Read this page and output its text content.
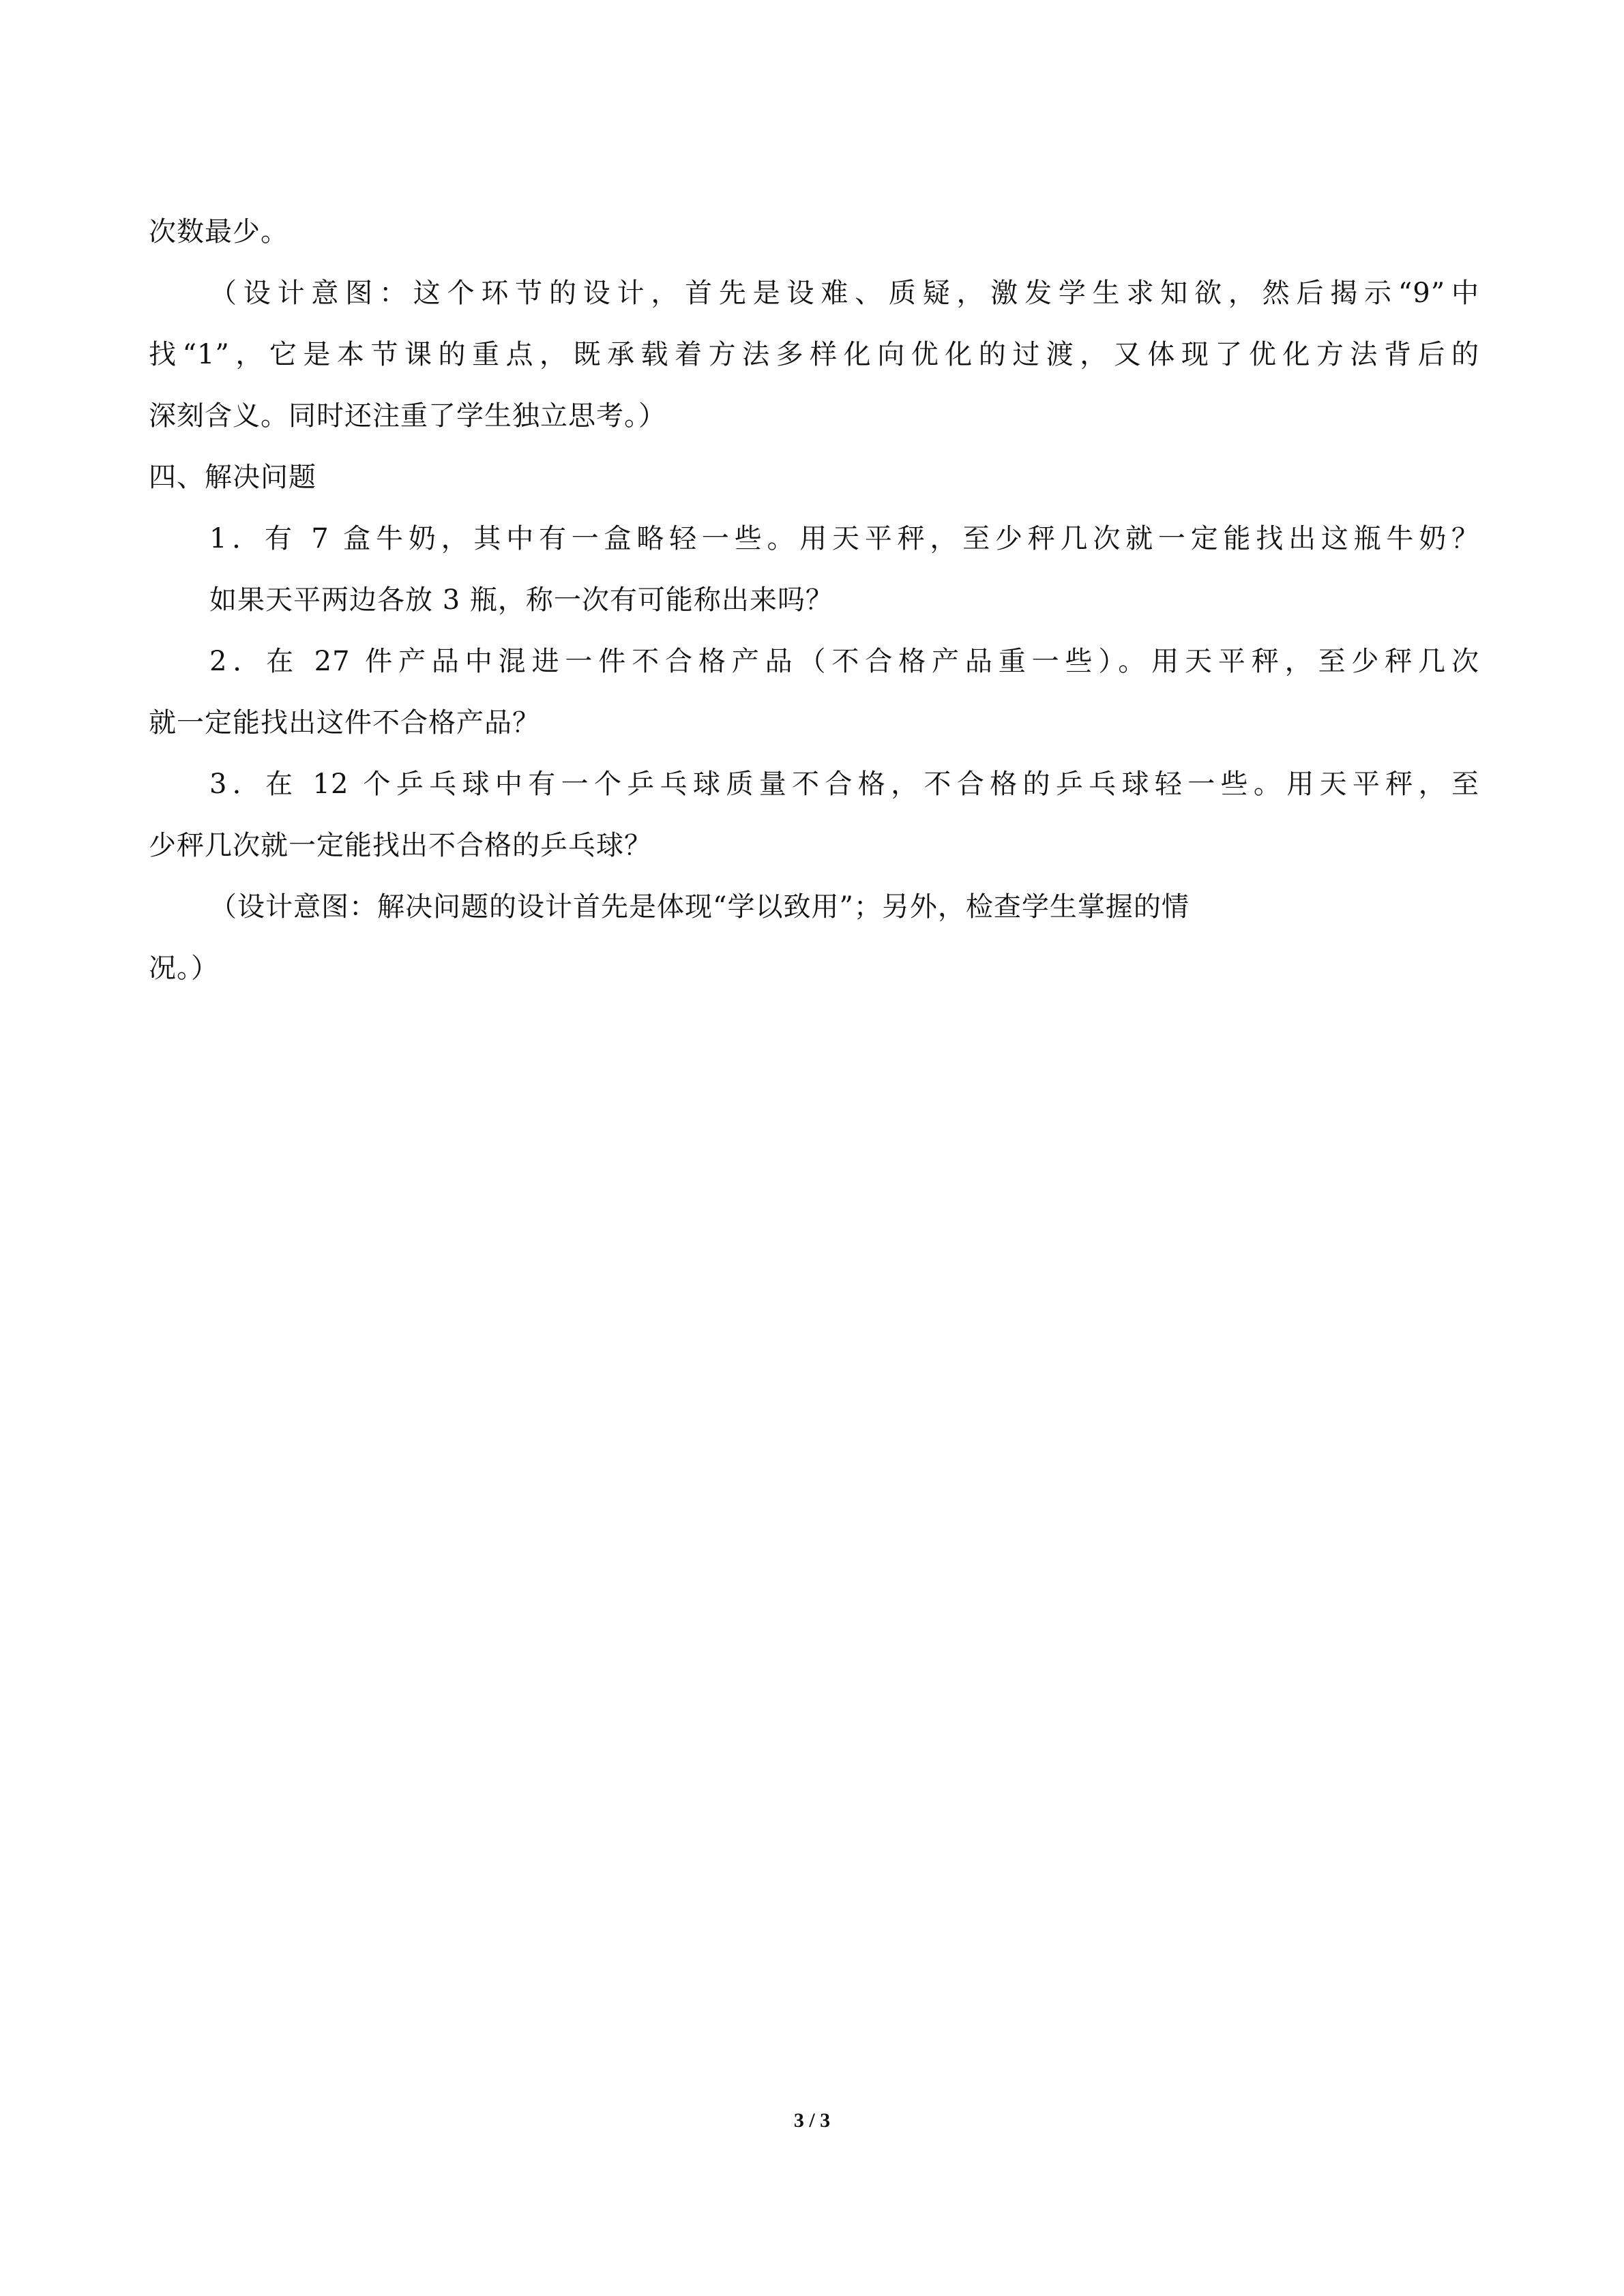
次数最少。
（设计意图：这个环节的设计，首先是设难、质疑，激发学生求知欲，然后揭示“9”中
找“1”，它是本节课的重点，既承载着方法多样化向优化的过渡，又体现了优化方法背后的
深刻含义。同时还注重了学生独立思考。）
四、解决问题
1．有 7 盒牛奶，其中有一盒略轻一些。用天平秤，至少秤几次就一定能找出这瓶牛奶？
如果天平两边各放 3 瓶，称一次有可能称出来吗？
2．在 27 件产品中混进一件不合格产品（不合格产品重一些）。用天平秤，至少秤几次
就一定能找出这件不合格产品？
3．在 12 个乒乓球中有一个乒乓球质量不合格，不合格的乒乓球轻一些。用天平秤，至
少秤几次就一定能找出不合格的乒乓球？
（设计意图：解决问题的设计首先是体现“学以致用”；另外，检查学生掌握的情
况。）
3 / 3
